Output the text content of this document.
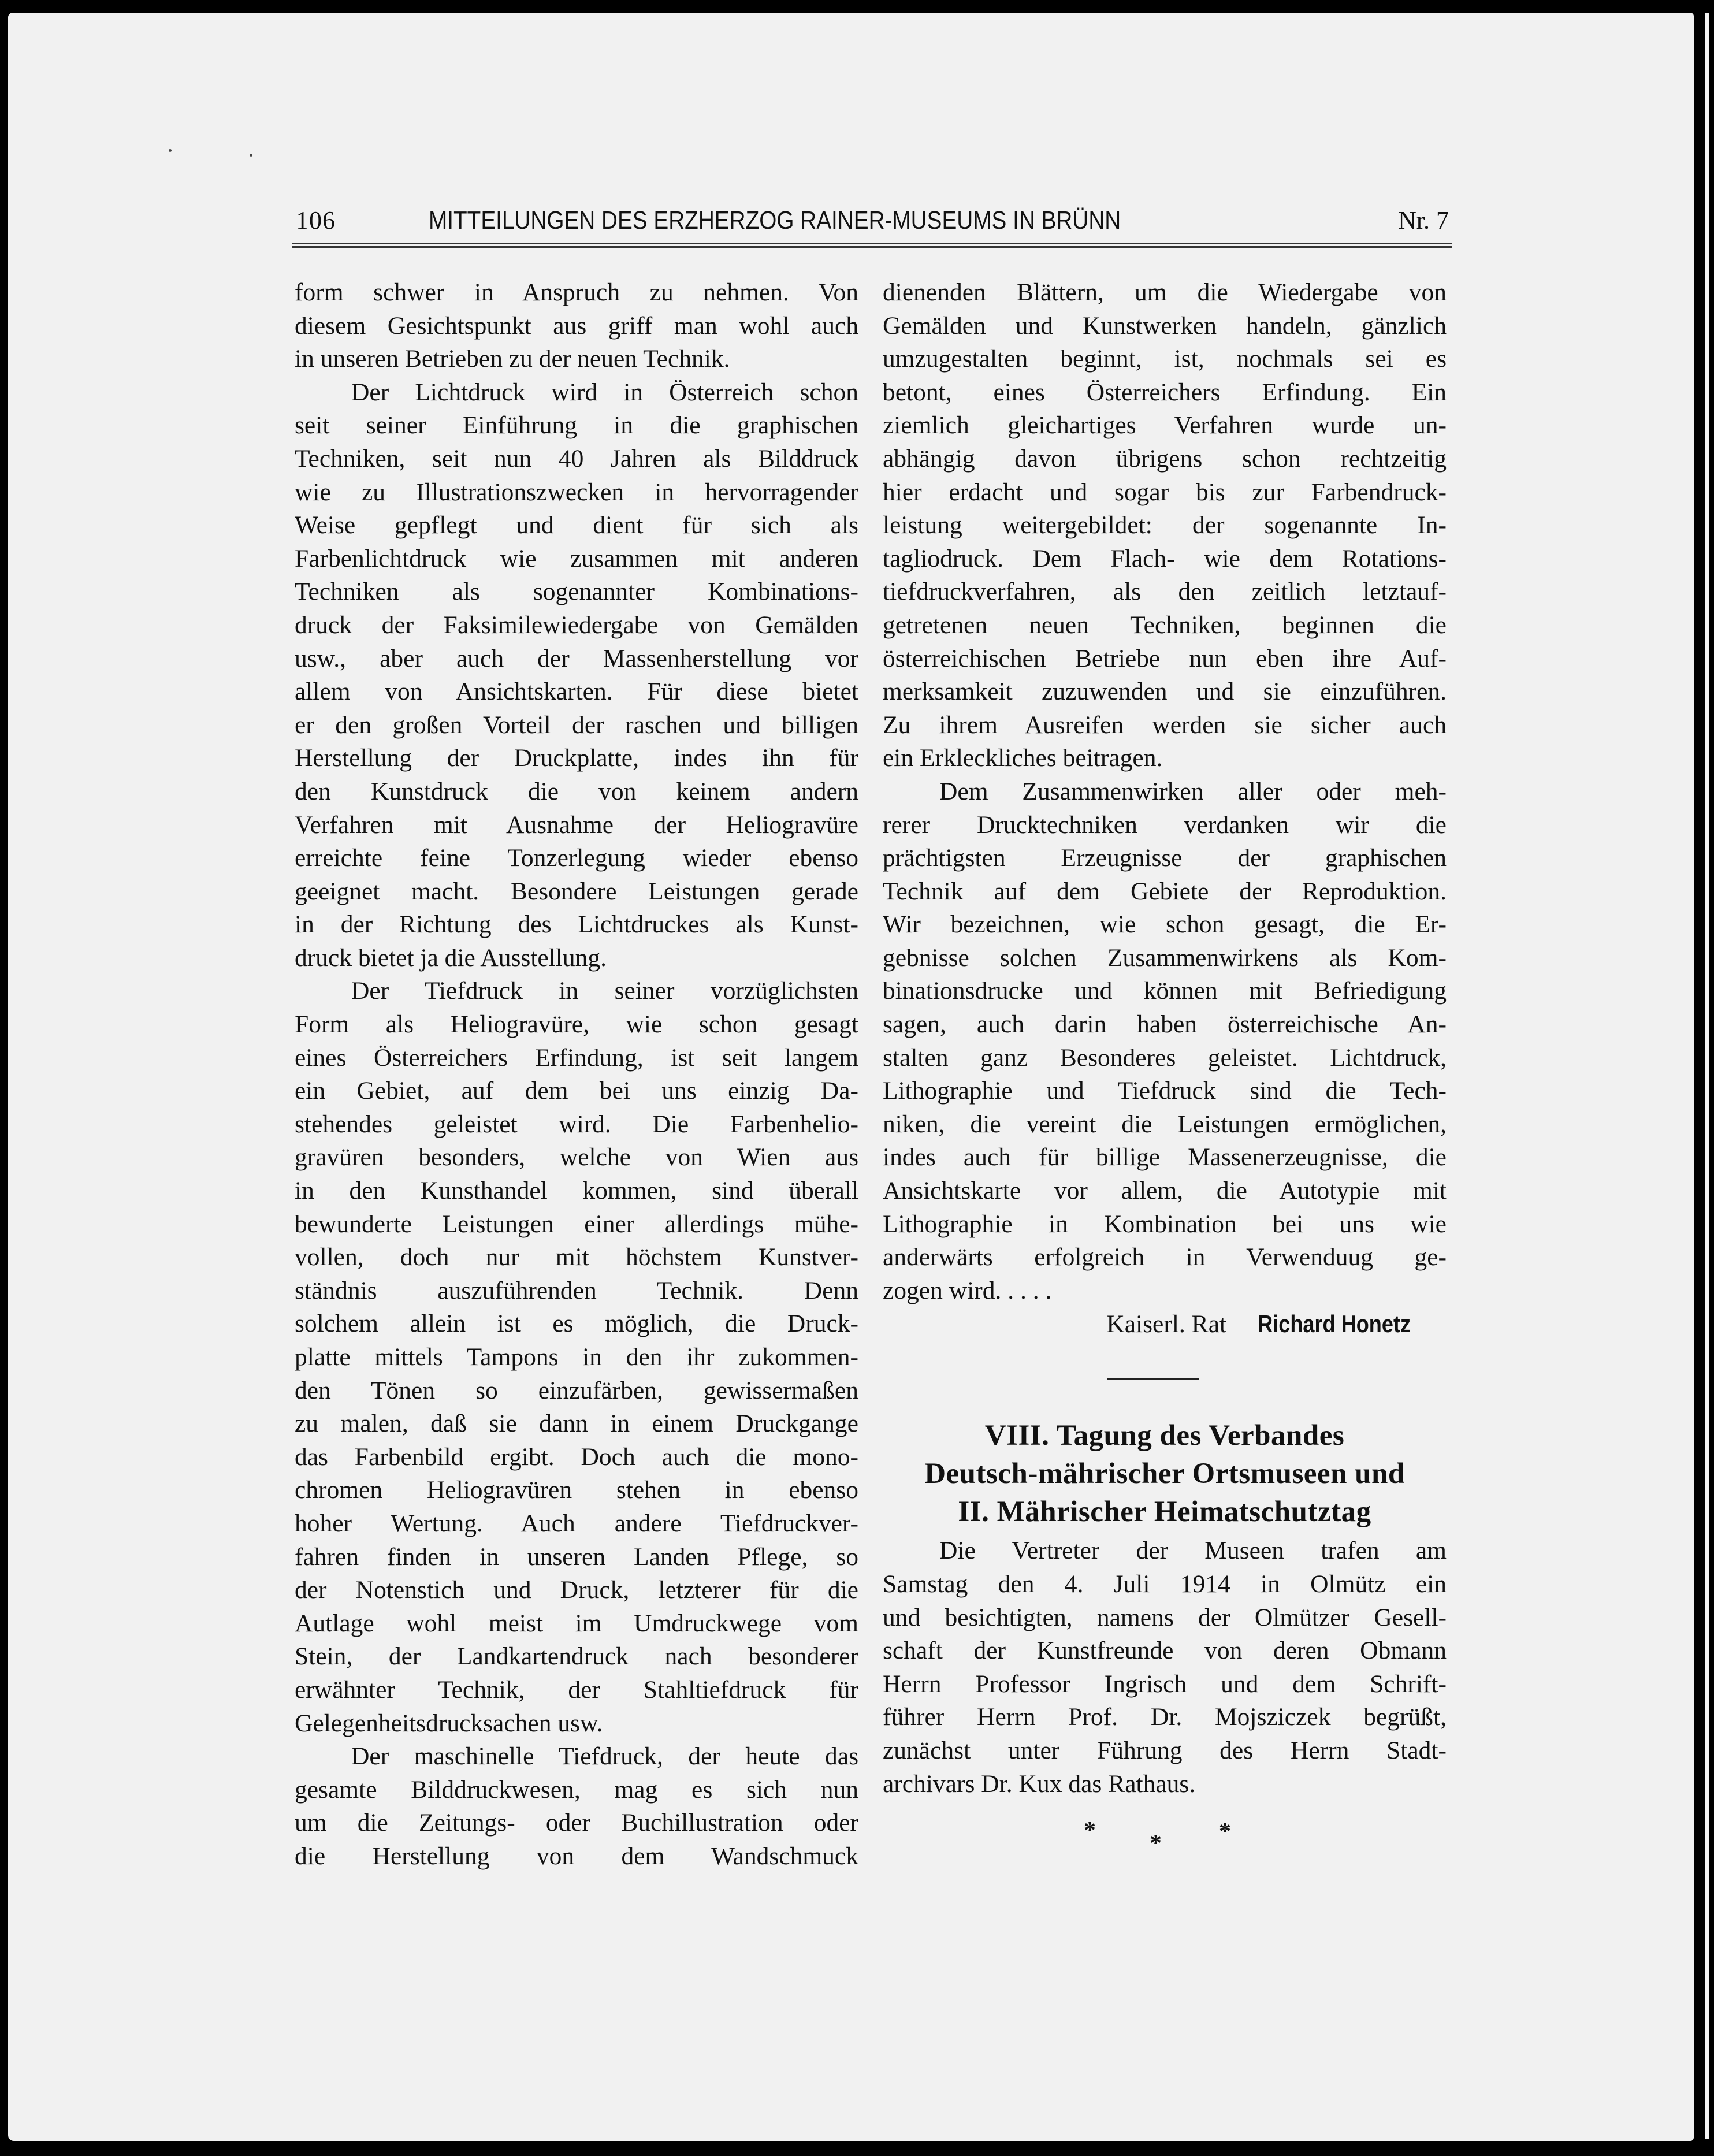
106	MITTEILUNGEN DES ERZHERZOG RAINER-MUSEUMS IN BRÜNN	Nr. 7
form schwer in Anspruch zu nehmen. Von
diesem Gesichtspunkt aus griff man wohl auch
in unseren Betrieben zu der neuen Technik.
Der Lichtdruck wird in Österreich schon
seit seiner Einführung in die graphischen
Techniken, seit nun 40 Jahren als Bilddruck
wie zu Illustrationszwecken in hervorragender
Weise gepflegt und dient für sich als
Farbenlichtdruck wie zusammen mit anderen
Techniken als sogenannter Kombinations-
druck der Faksimilewiedergabe von Gemälden
usw., aber auch der Massenherstellung vor
allem von Ansichtskarten. Für diese bietet
er den großen Vorteil der raschen und billigen
Herstellung der Druckplatte, indes ihn für
den Kunstdruck die von keinem andern
Verfahren mit Ausnahme der Heliogravüre
erreichte feine Tonzerlegung wieder ebenso
geeignet macht. Besondere Leistungen gerade
in der Richtung des Lichtdruckes als Kunst-
druck bietet ja die Ausstellung.
Der Tiefdruck in seiner vorzüglichsten
Form als Heliogravüre, wie schon gesagt
eines Österreichers Erfindung, ist seit langem
ein Gebiet, auf dem bei uns einzig Da-
stehendes geleistet wird. Die Farbenhelio-
gravüren besonders, welche von Wien aus
in den Kunsthandel kommen, sind überall
bewunderte Leistungen einer allerdings mühe-
vollen, doch nur mit höchstem Kunstver-
ständnis auszuführenden Technik. Denn
solchem allein ist es möglich, die Druck-
platte mittels Tampons in den ihr zukommen-
den Tönen so einzufärben, gewissermaßen
zu malen, daß sie dann in einem Druckgange
das Farbenbild ergibt. Doch auch die mono-
chromen Heliogravüren stehen in ebenso
hoher Wertung. Auch andere Tiefdruckver-
fahren finden in unseren Landen Pflege, so
der Notenstich und Druck, letzterer für die
Autlage wohl meist im Umdruckwege vom
Stein, der Landkartendruck nach besonderer
erwähnter Technik, der Stahltiefdruck für
Gelegenheitsdrucksachen usw.
Der maschinelle Tiefdruck, der heute das
gesamte Bilddruckwesen, mag es sich nun
um die Zeitungs- oder Buchillustration oder
die Herstellung von dem Wandschmuck
dienenden Blättern, um die Wiedergabe von
Gemälden und Kunstwerken handeln, gänzlich
umzugestalten beginnt, ist, nochmals sei es
betont, eines Österreichers Erfindung. Ein
ziemlich gleichartiges Verfahren wurde un-
abhängig davon übrigens schon rechtzeitig
hier erdacht und sogar bis zur Farbendruck-
leistung weitergebildet: der sogenannte In-
tagliodruck. Dem Flach- wie dem Rotations-
tiefdruckverfahren, als den zeitlich letztauf-
getretenen neuen Techniken, beginnen die
österreichischen Betriebe nun eben ihre Auf-
merksamkeit zuzuwenden und sie einzuführen.
Zu ihrem Ausreifen werden sie sicher auch
ein Erkleckliches beitragen.
Dem Zusammenwirken aller oder meh-
rerer Drucktechniken verdanken wir die
prächtigsten Erzeugnisse der graphischen
Technik auf dem Gebiete der Reproduktion.
Wir bezeichnen, wie schon gesagt, die Er-
gebnisse solchen Zusammenwirkens als Kom-
binationsdrucke und können mit Befriedigung
sagen, auch darin haben österreichische An-
stalten ganz Besonderes geleistet. Lichtdruck,
Lithographie und Tiefdruck sind die Tech-
niken, die vereint die Leistungen ermöglichen,
indes auch für billige Massenerzeugnisse, die
Ansichtskarte vor allem, die Autotypie mit
Lithographie in Kombination bei uns wie
anderwärts erfolgreich in Verwenduug ge-
zogen wird. . . . .
Kaiserl. Rat Richard Honetz
VIII. Tagung des Verbandes
Deutsch-mährischer Ortsmuseen und
II. Mährischer Heimatschutztag
Die Vertreter der Museen trafen am
Samstag den 4. Juli 1914 in Olmütz ein
und besichtigten, namens der Olmützer Gesell-
schaft der Kunstfreunde von deren Obmann
Herrn Professor Ingrisch und dem Schrift-
führer Herrn Prof. Dr. Mojsziczek begrüßt,
zunächst unter Führung des Herrn Stadt-
archivars Dr. Kux das Rathaus.
* * *
